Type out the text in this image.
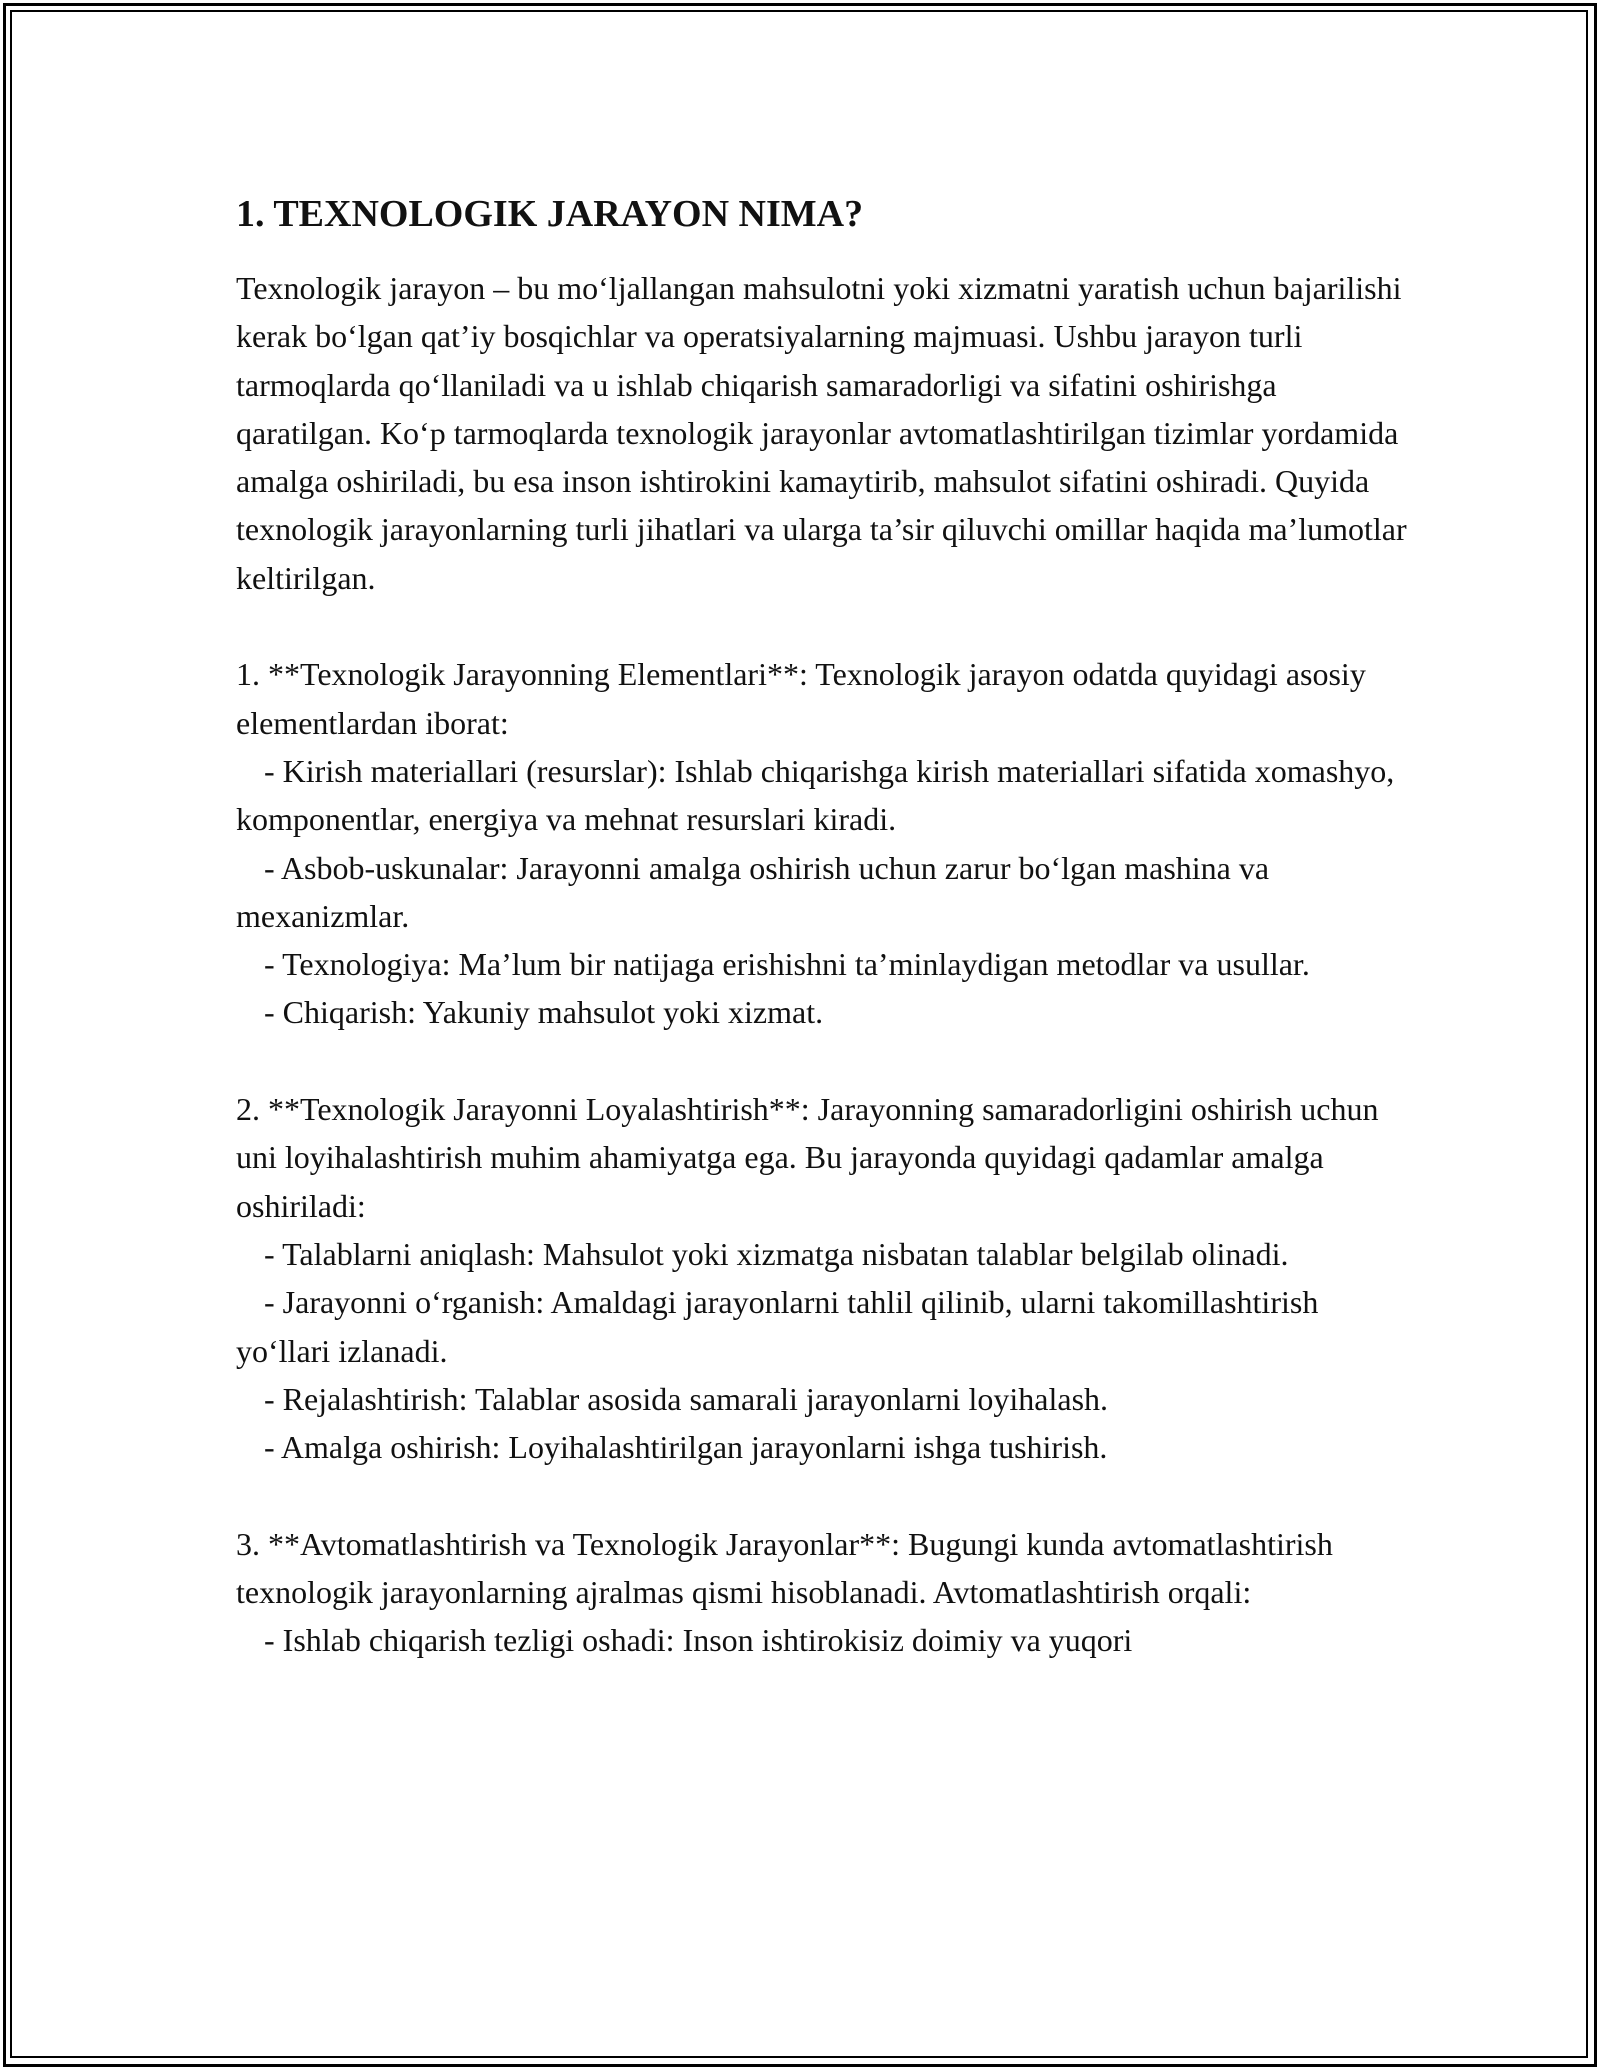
1. TEXNOLOGIK JARAYON NIMA?

Texnologik jarayon – bu mo‘ljallangan mahsulotni yoki xizmatni yaratish uchun bajarilishi kerak bo‘lgan qat’iy bosqichlar va operatsiyalarning majmuasi. Ushbu jarayon turli tarmoqlarda qo‘llaniladi va u ishlab chiqarish samaradorligi va sifatini oshirishga qaratilgan. Ko‘p tarmoqlarda texnologik jarayonlar avtomatlashtirilgan tizimlar yordamida amalga oshiriladi, bu esa inson ishtirokini kamaytirib, mahsulot sifatini oshiradi. Quyida texnologik jarayonlarning turli jihatlari va ularga ta’sir qiluvchi omillar haqida ma’lumotlar keltirilgan.

1. **Texnologik Jarayonning Elementlari**: Texnologik jarayon odatda quyidagi asosiy elementlardan iborat:

- Kirish materiallari (resurslar): Ishlab chiqarishga kirish materiallari sifatida xomashyo, komponentlar, energiya va mehnat resurslari kiradi.

- Asbob-uskunalar: Jarayonni amalga oshirish uchun zarur bo‘lgan mashina va mexanizmlar.

- Texnologiya: Ma’lum bir natijaga erishishni ta’minlaydigan metodlar va usullar.

- Chiqarish: Yakuniy mahsulot yoki xizmat.

2. **Texnologik Jarayonni Loyalashtirish**: Jarayonning samaradorligini oshirish uchun uni loyihalashtirish muhim ahamiyatga ega. Bu jarayonda quyidagi qadamlar amalga oshiriladi:

- Talablarni aniqlash: Mahsulot yoki xizmatga nisbatan talablar belgilab olinadi.

- Jarayonni o‘rganish: Amaldagi jarayonlarni tahlil qilinib, ularni takomillashtirish yo‘llari izlanadi.

- Rejalashtirish: Talablar asosida samarali jarayonlarni loyihalash.

- Amalga oshirish: Loyihalashtirilgan jarayonlarni ishga tushirish.

3. **Avtomatlashtirish va Texnologik Jarayonlar**: Bugungi kunda avtomatlashtirish texnologik jarayonlarning ajralmas qismi hisoblanadi. Avtomatlashtirish orqali:

- Ishlab chiqarish tezligi oshadi: Inson ishtirokisiz doimiy va yuqori
